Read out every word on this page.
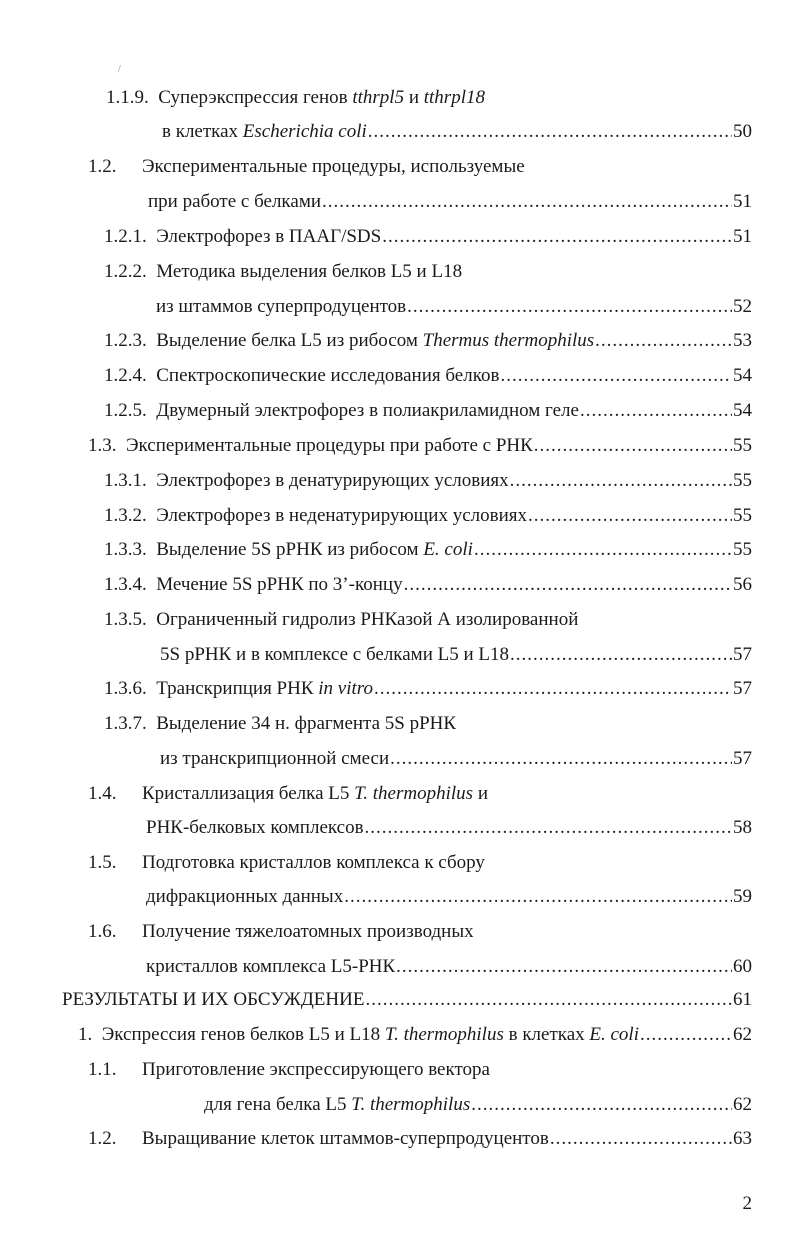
/
1.1.9. Суперэкспрессия генов tthrpl5 и tthrpl18
в клетках Escherichia coli .....	50
1.2. Экспериментальные процедуры, используемые
при работе с белками .....	51
1.2.1. Электрофорез в ПААГ/SDS .....	51
1.2.2. Методика выделения белков L5 и L18
из штаммов суперпродуцентов .....	52
1.2.3. Выделение белка L5 из рибосом Thermus thermophilus .....	53
1.2.4. Спектроскопические исследования белков .....	54
1.2.5. Двумерный электрофорез в полиакриламидном геле .....	54
1.3. Экспериментальные процедуры при работе с РНК .....	55
1.3.1. Электрофорез в денатурирующих условиях .....	55
1.3.2. Электрофорез в неденатурирующих условиях .....	55
1.3.3. Выделение 5S рРНК из рибосом E. coli .....	55
1.3.4. Мечение 5S рРНК по 3’-концу .....	56
1.3.5. Ограниченный гидролиз РНКазой А изолированной
5S рРНК и в комплексе с белками L5 и L18 .....	57
1.3.6. Транскрипция РНК in vitro .....	57
1.3.7. Выделение 34 н. фрагмента 5S рРНК
из транскрипционной смеси .....	57
1.4. Кристаллизация белка L5 T. thermophilus и
РНК-белковых комплексов .....	58
1.5. Подготовка кристаллов комплекса к сбору
дифракционных данных .....	59
1.6. Получение тяжелоатомных производных
кристаллов комплекса L5-РНК .....	60
РЕЗУЛЬТАТЫ И ИХ ОБСУЖДЕНИЕ .....	61
1. Экспрессия генов белков L5 и L18 T. thermophilus в клетках E. coli .....	62
1.1. Приготовление экспрессирующего вектора
для гена белка L5 T. thermophilus .....	62
1.2. Выращивание клеток штаммов-суперпродуцентов .....	63
2
